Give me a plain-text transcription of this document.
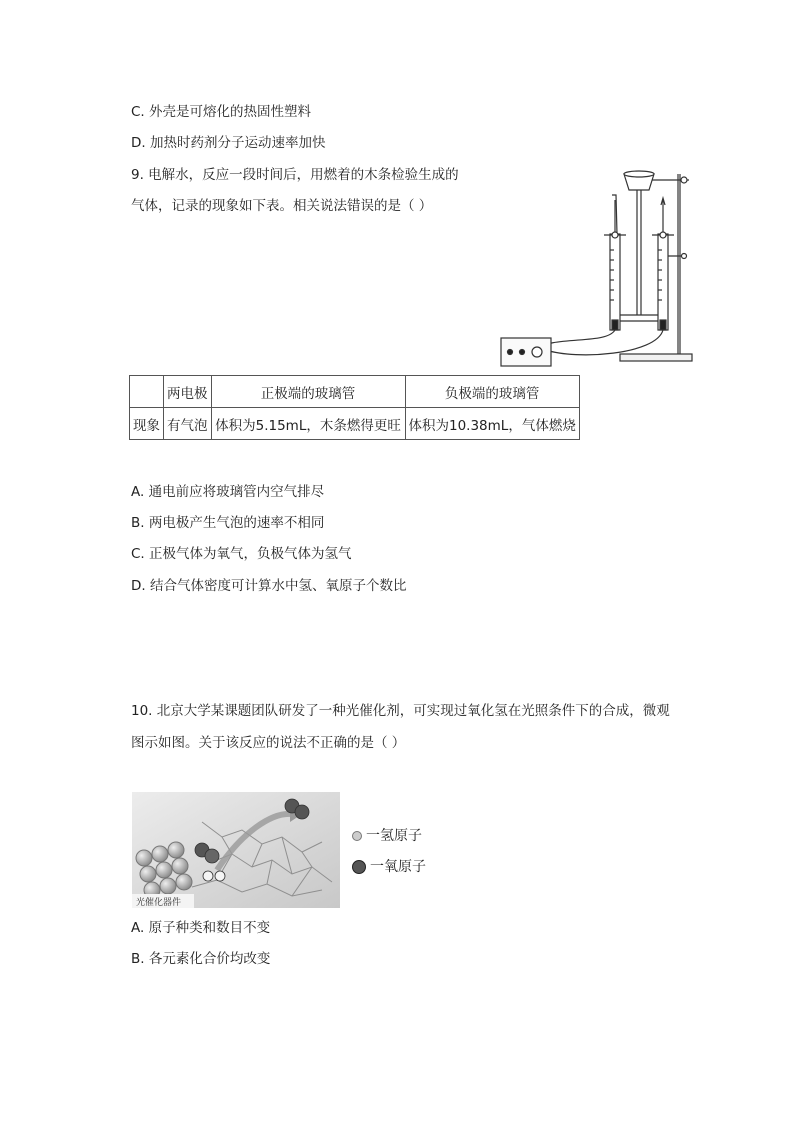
C. 外壳是可熔化的热固性塑料
D. 加热时药剂分子运动速率加快
9. 电解水，反应一段时间后，用燃着的木条检验生成的
气体，记录的现象如下表。相关说法错误的是（ ）
	两电极	正极端的玻璃管	负极端的玻璃管
现象	有气泡	体积为5.15mL，木条燃得更旺	体积为10.38mL，气体燃烧
A. 通电前应将玻璃管内空气排尽
B. 两电极产生气泡的速率不相同
C. 正极气体为氧气，负极气体为氢气
D. 结合气体密度可计算水中氢、氧原子个数比
10. 北京大学某课题团队研发了一种光催化剂，可实现过氧化氢在光照条件下的合成，微观
图示如图。关于该反应的说法不正确的是（ ）
光催化器件
一氢原子
一氧原子
A. 原子种类和数目不变
B. 各元素化合价均改变
